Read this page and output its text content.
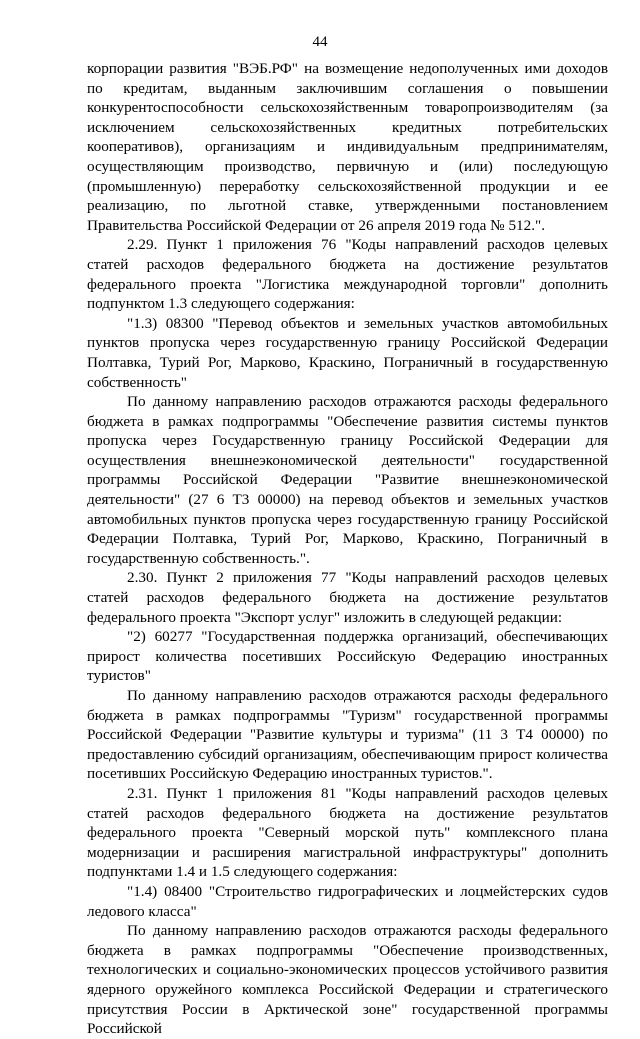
44

корпорации развития "ВЭБ.РФ" на возмещение недополученных ими доходов по кредитам, выданным заключившим соглашения о повышении конкурентоспособности сельскохозяйственным товаропроизводителям (за исключением сельскохозяйственных кредитных потребительских кооперативов), организациям и индивидуальным предпринимателям, осуществляющим производство, первичную и (или) последующую (промышленную) переработку сельскохозяйственной продукции и ее реализацию, по льготной ставке, утвержденными постановлением Правительства Российской Федерации от 26 апреля 2019 года № 512.".

2.29. Пункт 1 приложения 76 "Коды направлений расходов целевых статей расходов федерального бюджета на достижение результатов федерального проекта "Логистика международной торговли" дополнить подпунктом 1.3 следующего содержания:

"1.3) 08300 "Перевод объектов и земельных участков автомобильных пунктов пропуска через государственную границу Российской Федерации Полтавка, Турий Рог, Марково, Краскино, Пограничный в государственную собственность"

По данному направлению расходов отражаются расходы федерального бюджета в рамках подпрограммы "Обеспечение развития системы пунктов пропуска через Государственную границу Российской Федерации для осуществления внешнеэкономической деятельности" государственной программы Российской Федерации "Развитие внешнеэкономической деятельности" (27 6 Т3 00000) на перевод объектов и земельных участков автомобильных пунктов пропуска через государственную границу Российской Федерации Полтавка, Турий Рог, Марково, Краскино, Пограничный в государственную собственность.".

2.30. Пункт 2 приложения 77 "Коды направлений расходов целевых статей расходов федерального бюджета на достижение результатов федерального проекта "Экспорт услуг" изложить в следующей редакции:

"2) 60277 "Государственная поддержка организаций, обеспечивающих прирост количества посетивших Российскую Федерацию иностранных туристов"

По данному направлению расходов отражаются расходы федерального бюджета в рамках подпрограммы "Туризм" государственной программы Российской Федерации "Развитие культуры и туризма" (11 3 Т4 00000) по предоставлению субсидий организациям, обеспечивающим прирост количества посетивших Российскую Федерацию иностранных туристов.".

2.31. Пункт 1 приложения 81 "Коды направлений расходов целевых статей расходов федерального бюджета на достижение результатов федерального проекта "Северный морской путь" комплексного плана модернизации и расширения магистральной инфраструктуры" дополнить подпунктами 1.4 и 1.5 следующего содержания:

"1.4) 08400 "Строительство гидрографических и лоцмейстерских судов ледового класса"

По данному направлению расходов отражаются расходы федерального бюджета в рамках подпрограммы "Обеспечение производственных, технологических и социально-экономических процессов устойчивого развития ядерного оружейного комплекса Российской Федерации и стратегического присутствия России в Арктической зоне" государственной программы Российской
